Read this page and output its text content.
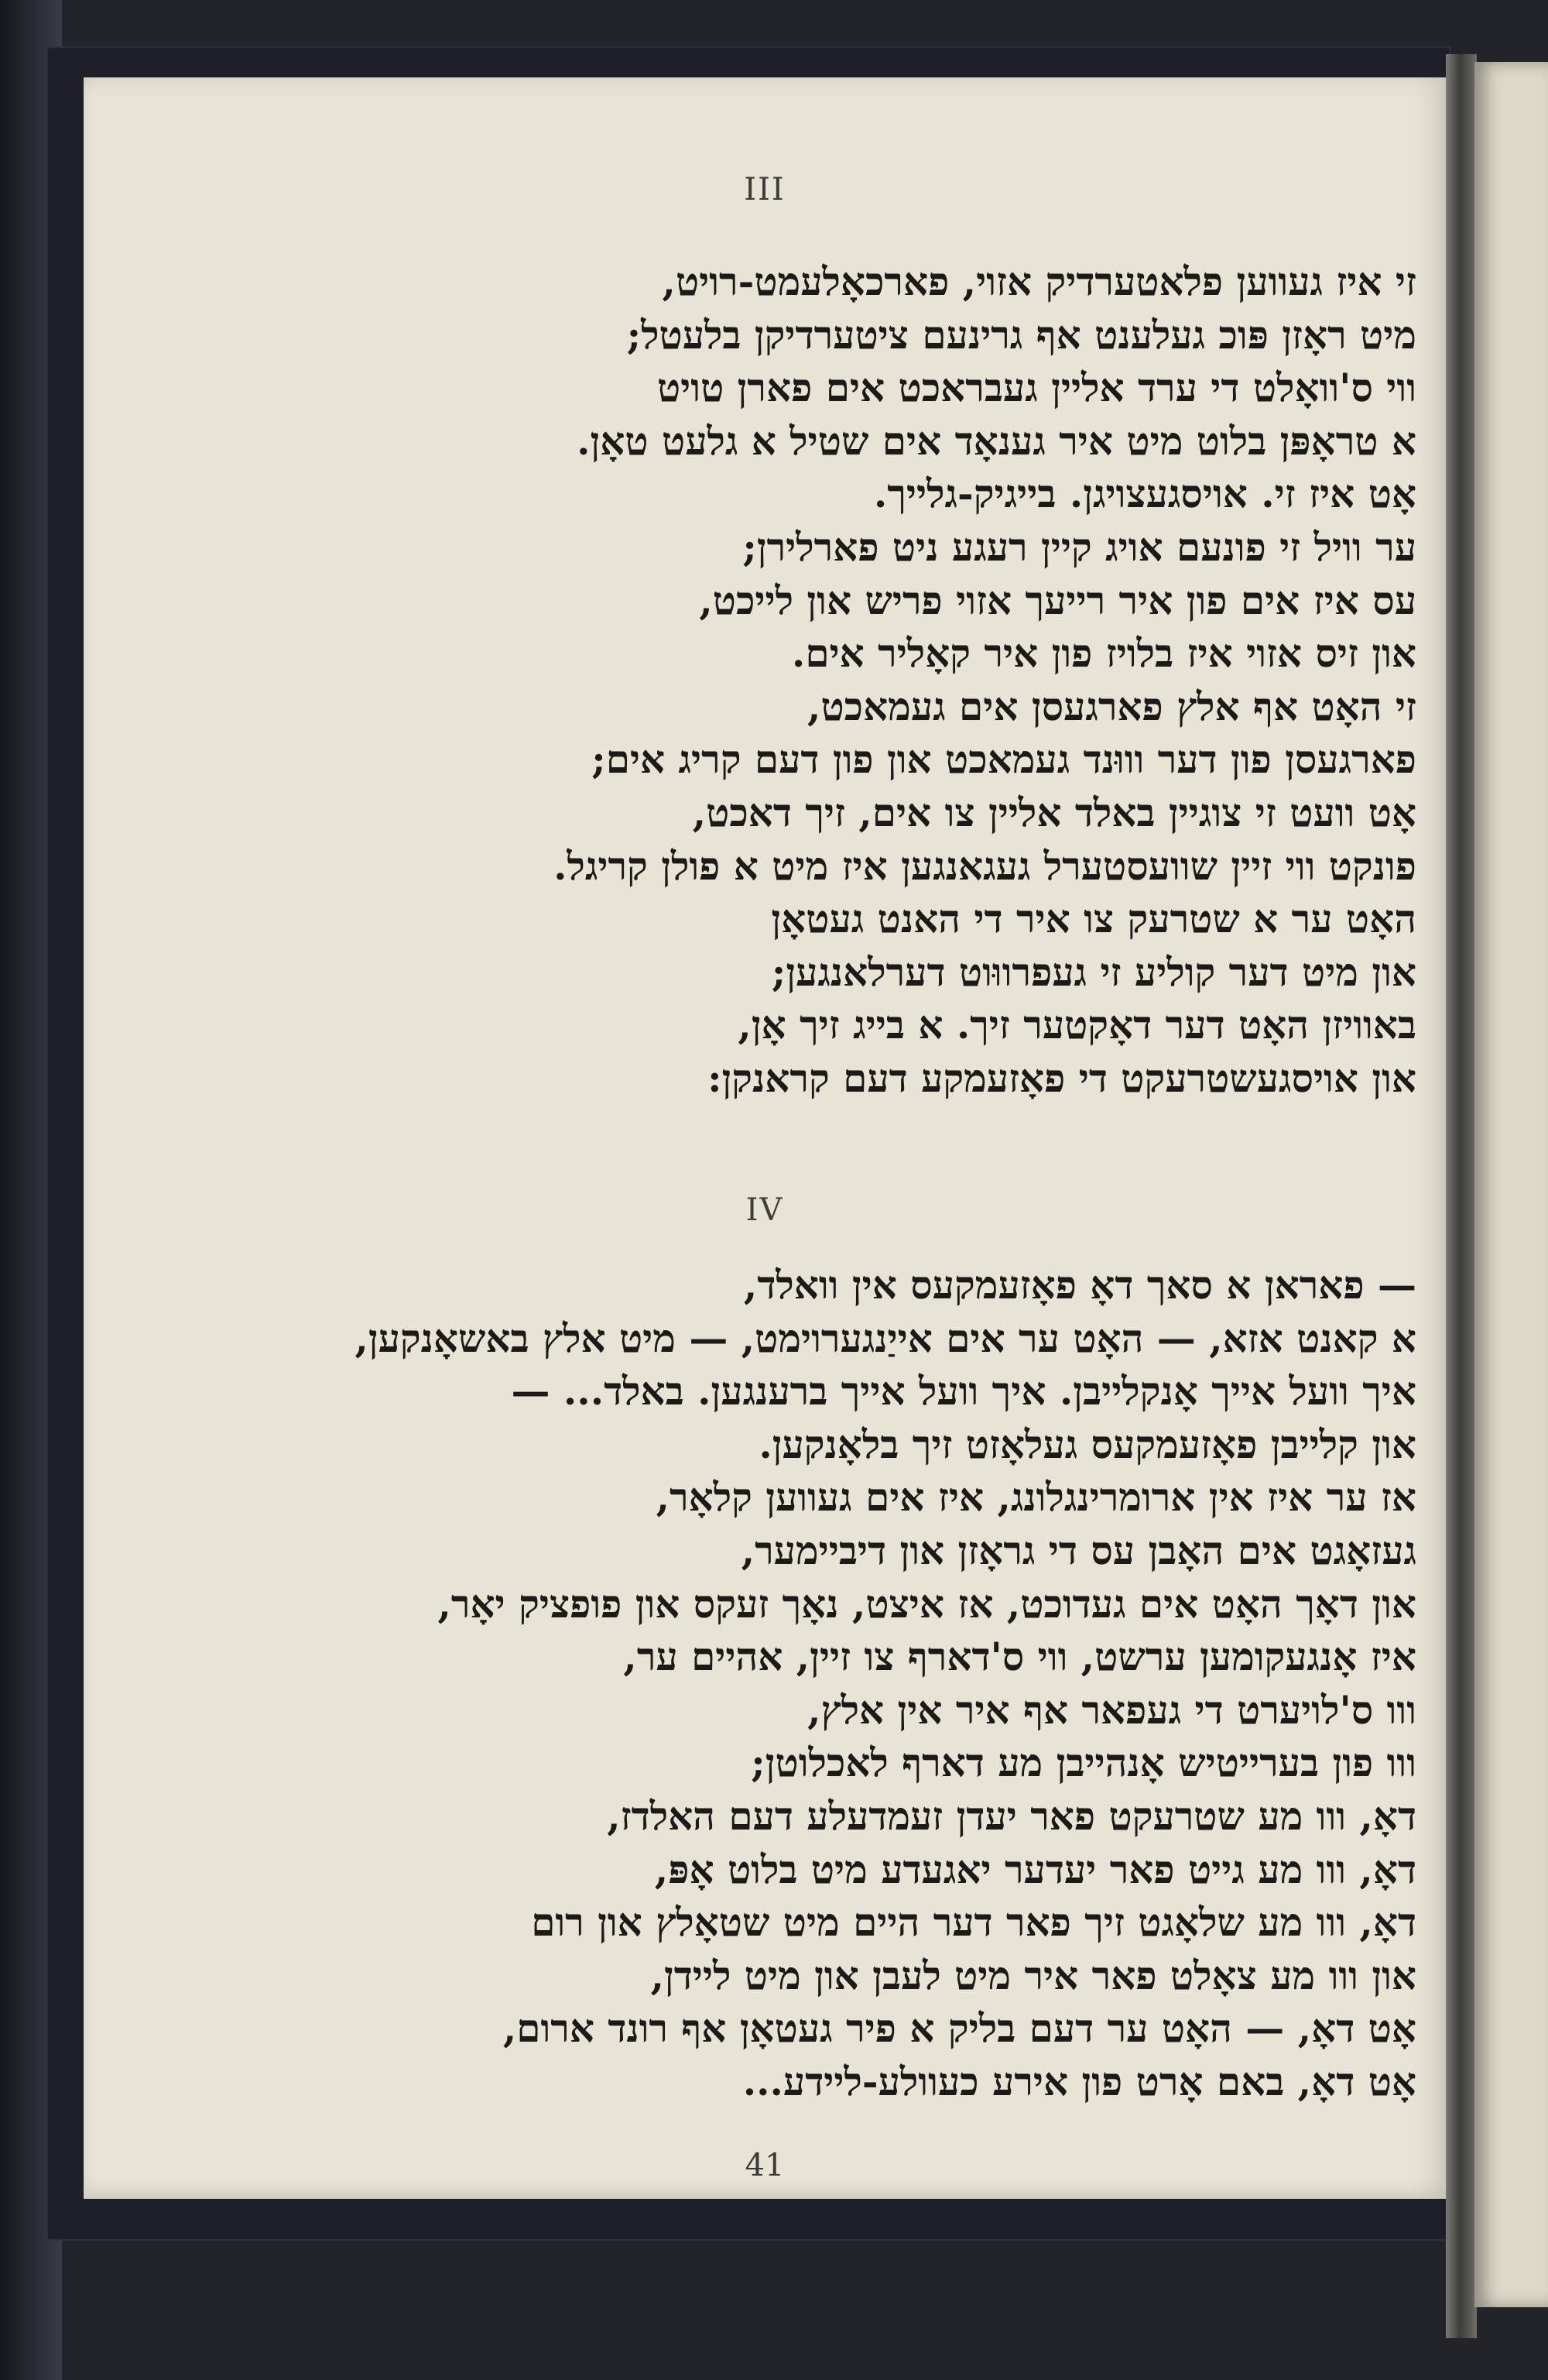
III
זי איז געווען פלאטערדיק אזוי, פארכאָלעמט-רויט,
מיט ראָזן פּוכ געלענט אף גרינעם ציטערדיקן בלעטל;
ווי ס'וואָלט די ערד אליין געבראכט אים פארן טויט
א טראָפּן בלוט מיט איר גענאָד אים שטיל א גלעט טאָן.
אָט איז זי. אויסגעצויגן. בייגיק-גלייך.
ער וויל זי פונעם אויג קיין רעגע ניט פארלירן;
עס איז אים פון איר רייעך אזוי פריש און לייכט,
און זיס אזוי איז בלויז פון איר קאָליר אים.
זי האָט אף אלץ פארגעסן אים געמאכט,
פארגעסן פון דער וווּנד געמאכט און פון דעם קריג אים;
אָט וועט זי צוגיין באלד אליין צו אים, זיך דאכט,
פונקט ווי זיין שוועסטערל געגאנגען איז מיט א פולן קריגל.
האָט ער א שטרעק צו איר די האנט געטאָן
און מיט דער קוליע זי געפרווּוט דערלאנגען;
באוויזן האָט דער דאָקטער זיך. א בייג זיך אָן,
און אויסגעשטרעקט די פאָזעמקע דעם קראנקן:
IV
— פאראן א סאך דאָ פאָזעמקעס אין וואלד,
א קאנט אזא, — האָט ער אים אייַנגערוימט, — מיט אלץ באשאָנקען,
איך וועל אייך אָנקלייבן. איך וועל אייך ברענגען. באלד... —
און קלייבן פאָזעמקעס געלאָזט זיך בלאָנקען.
אז ער איז אין ארומרינגלונג, איז אים געווען קלאָר,
געזאָגט אים האָבן עס די גראָזן און דיביימער,
און דאָך האָט אים געדוכט, אז איצט, נאָך זעקס און פופציק יאָר,
איז אָנגעקומען ערשט, ווי ס'דארף צו זיין, אהיים ער,
ווו ס'לויערט די געפאר אף איר אין אלץ,
ווו פון בערייטיש אָנהייבן מע דארף לאכלוטן;
דאָ, ווו מע שטרעקט פאר יעדן זעמדעלע דעם האלדז,
דאָ, ווו מע גייט פאר יעדער יאגעדע מיט בלוט אָפּ,
דאָ, ווו מע שלאָגט זיך פאר דער היים מיט שטאָלץ און רום
און ווו מע צאָלט פאר איר מיט לעבן און מיט ליידן,
אָט דאָ, — האָט ער דעם בליק א פיר געטאָן אף רונד ארום,
אָט דאָ, באם אָרט פון אירע כעוולע-ליידע...
41
